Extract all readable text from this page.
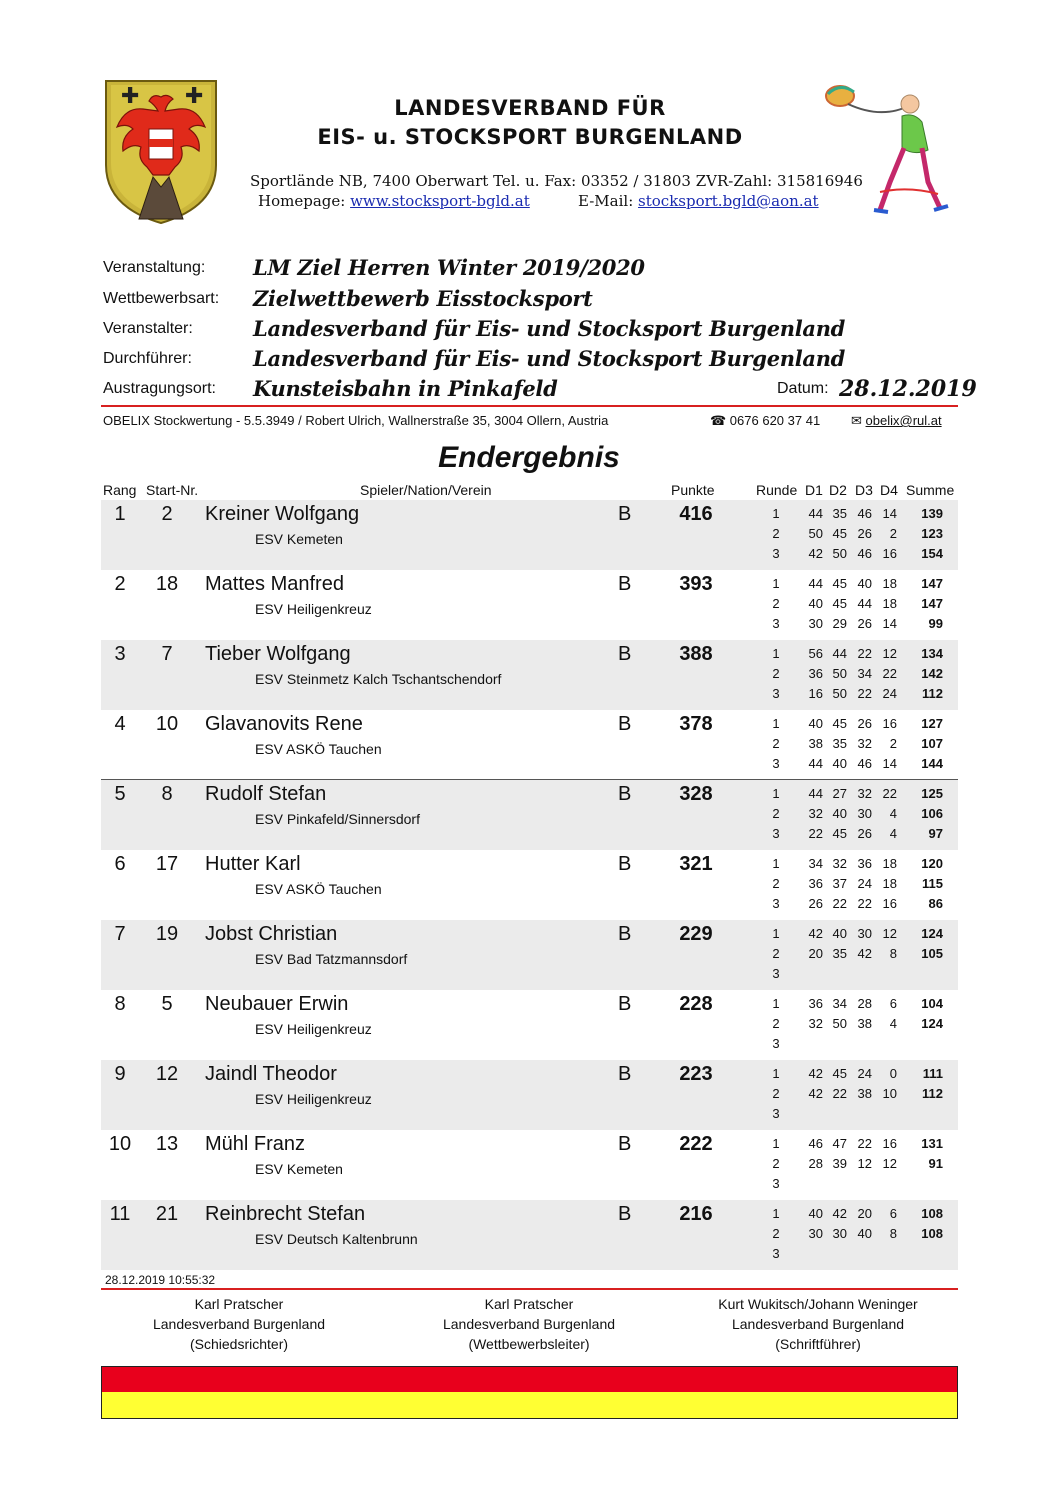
✚ ✚	LANDESVERBAND FÜR
EIS- u. STOCKSPORT BURGENLAND
Sportlände NB, 7400 Oberwart Tel. u. Fax: 03352 / 31803 ZVR-Zahl: 315816946
Homepage: www.stocksport-bgld.at	E-Mail: stocksport.bgld@aon.at
Veranstaltung: LM Ziel Herren Winter 2019/2020
Wettbewerbsart: Zielwettbewerb Eisstocksport
Veranstalter:	Landesverband für Eis- und Stocksport Burgenland
Durchführer:	Landesverband für Eis- und Stocksport Burgenland
Austragungsort: Kunsteisbahn in Pinkafeld	Datum: 28.12.2019
OBELIX Stockwertung - 5.5.3949 / Robert Ulrich, Wallnerstraße 35, 3004 Ollern, Austria	☎ 0676 620 37 41 ✉ obelix@rul.at
Endergebnis
Rang Start-Nr.	Spieler/Nation/Verein	Punkte	Runde D1 D2 D3 D4 Summe
1	2	Kreiner Wolfgang
ESV Kemeten
B	416	1	44 35 46 14	139
2	50 45 26	2	123
3	42 50 46 16	154
2	18	Mattes Manfred
ESV Heiligenkreuz
B	393	1	44 45 40 18	147
2	40 45 44 18	147
3	30 29 26 14	99
3	7	Tieber Wolfgang
ESV Steinmetz Kalch Tschantschendorf
B	388	1	56 44 22 12	134
2	36 50 34 22	142
3	16 50 22 24	112
4	10	Glavanovits Rene
ESV ASKÖ Tauchen
B	378	1	40 45 26 16	127
2	38 35 32	2	107
3	44 40 46 14	144
5	8	Rudolf Stefan
ESV Pinkafeld/Sinnersdorf
B	328	1	44 27 32 22	125
2	32 40 30	4	106
3	22 45 26	4	97
6	17	Hutter Karl
ESV ASKÖ Tauchen
B	321	1	34 32 36 18	120
2	36 37 24 18	115
3	26 22 22 16	86
7	19	Jobst Christian
ESV Bad Tatzmannsdorf
B	229	1	42 40 30 12	124
2	20 35 42	8	105
3
8	5	Neubauer Erwin
ESV Heiligenkreuz
B	228	1	36 34 28	6	104
2	32 50 38	4	124
3
9	12	Jaindl Theodor
ESV Heiligenkreuz
B	223	1	42 45 24	0	111
2	42 22 38 10	112
3
10	13	Mühl Franz
ESV Kemeten
B	222	1	46 47 22 16	131
2	28 39 12 12	91
3
11	21	Reinbrecht Stefan
ESV Deutsch Kaltenbrunn
B	216	1	40 42 20	6	108
2	30 30 40	8	108
3
28.12.2019 10:55:32
Karl Pratscher
Landesverband Burgenland
(Schiedsrichter)
Karl Pratscher
Landesverband Burgenland
(Wettbewerbsleiter)
Kurt Wukitsch/Johann Weninger
Landesverband Burgenland
(Schriftführer)
